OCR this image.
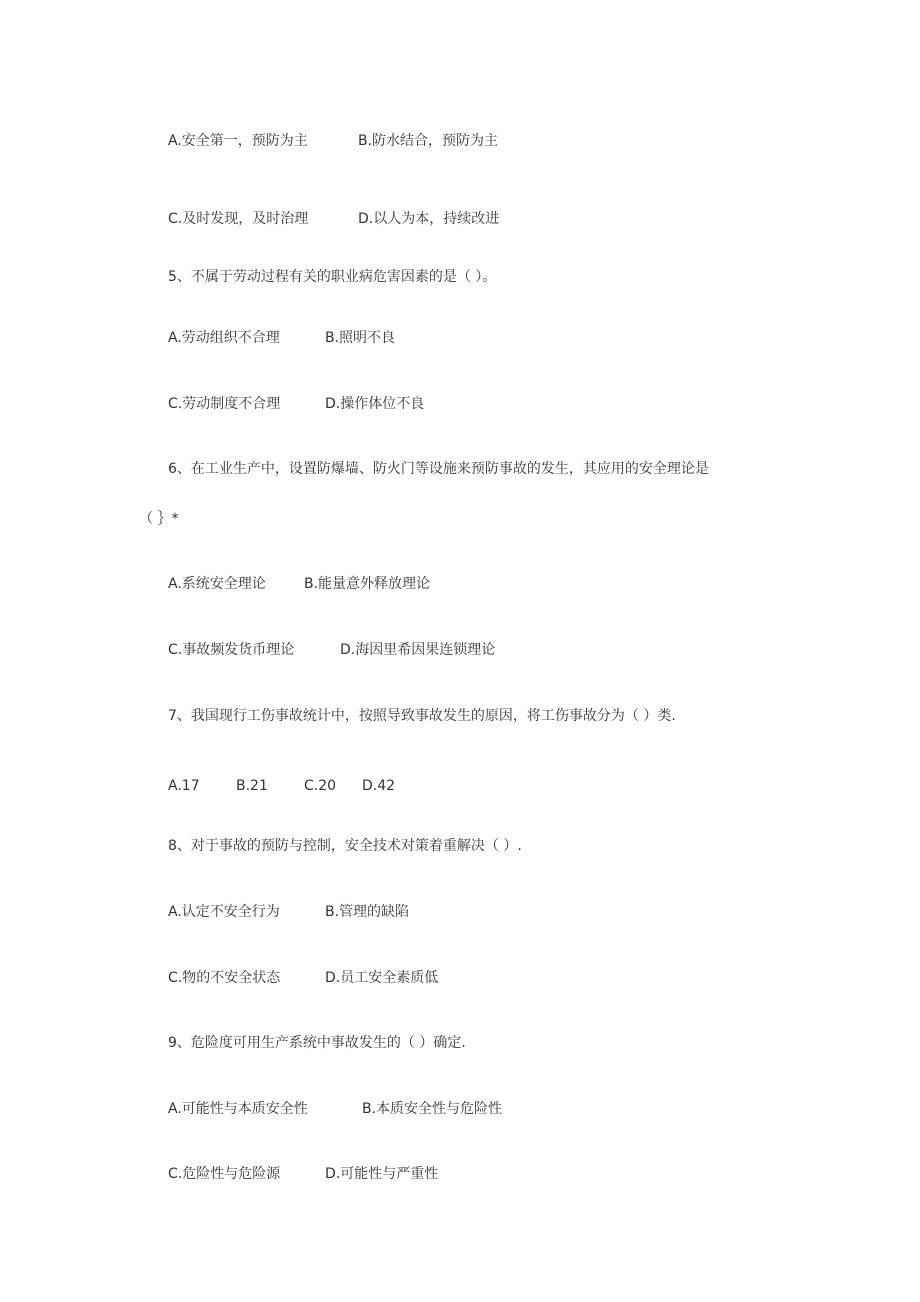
A.安全第一，预防为主	B.防水结合，预防为主
C.及时发现，及时治理	D.以人为本，持续改进
5、不属于劳动过程有关的职业病危害因素的是（ ）。
A.劳动组织不合理	B.照明不良
C.劳动制度不合理	D.操作体位不良
6、在工业生产中，设置防爆墙、防火门等设施来预防事故的发生，其应用的安全理论是
（ ｝*
A.系统安全理论	B.能量意外释放理论
C.事故频发货币理论	D.海因里希因果连锁理论
7、我国现行工伤事故统计中，按照导致事故发生的原因，将工伤事故分为（ ）类.
A.17	B.21	C.20 D.42
8、对于事故的预防与控制，安全技术对策着重解决（ ）.
A.认定不安全行为	B.管理的缺陷
C.物的不安全状态	D.员工安全素质低
9、危险度可用生产系统中事故发生的（ ）确定.
A.可能性与本质安全性	B.本质安全性与危险性
C.危险性与危险源	D.可能性与严重性
